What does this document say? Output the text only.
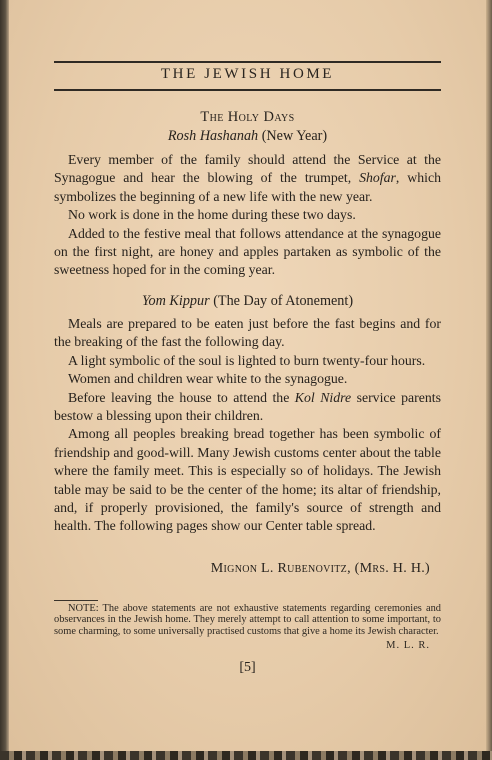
THE JEWISH HOME
The Holy Days
Rosh Hashanah (New Year)
Every member of the family should attend the Service at the Synagogue and hear the blowing of the trumpet, Shofar, which symbolizes the beginning of a new life with the new year.
No work is done in the home during these two days.
Added to the festive meal that follows attendance at the synagogue on the first night, are honey and apples partaken as symbolic of the sweetness hoped for in the coming year.
Yom Kippur (The Day of Atonement)
Meals are prepared to be eaten just before the fast begins and for the breaking of the fast the following day.
A light symbolic of the soul is lighted to burn twenty-four hours.
Women and children wear white to the synagogue.
Before leaving the house to attend the Kol Nidre service parents bestow a blessing upon their children.
Among all peoples breaking bread together has been symbolic of friendship and good-will. Many Jewish customs center about the table where the family meet. This is especially so of holidays. The Jewish table may be said to be the center of the home; its altar of friendship, and, if properly provisioned, the family's source of strength and health. The following pages show our Center table spread.
Mignon L. Rubenovitz, (Mrs. H. H.)
NOTE: The above statements are not exhaustive statements regarding ceremonies and observances in the Jewish home. They merely attempt to call attention to some important, to some charming, to some universally practised customs that give a home its Jewish character.
M. L. R.
[5]
